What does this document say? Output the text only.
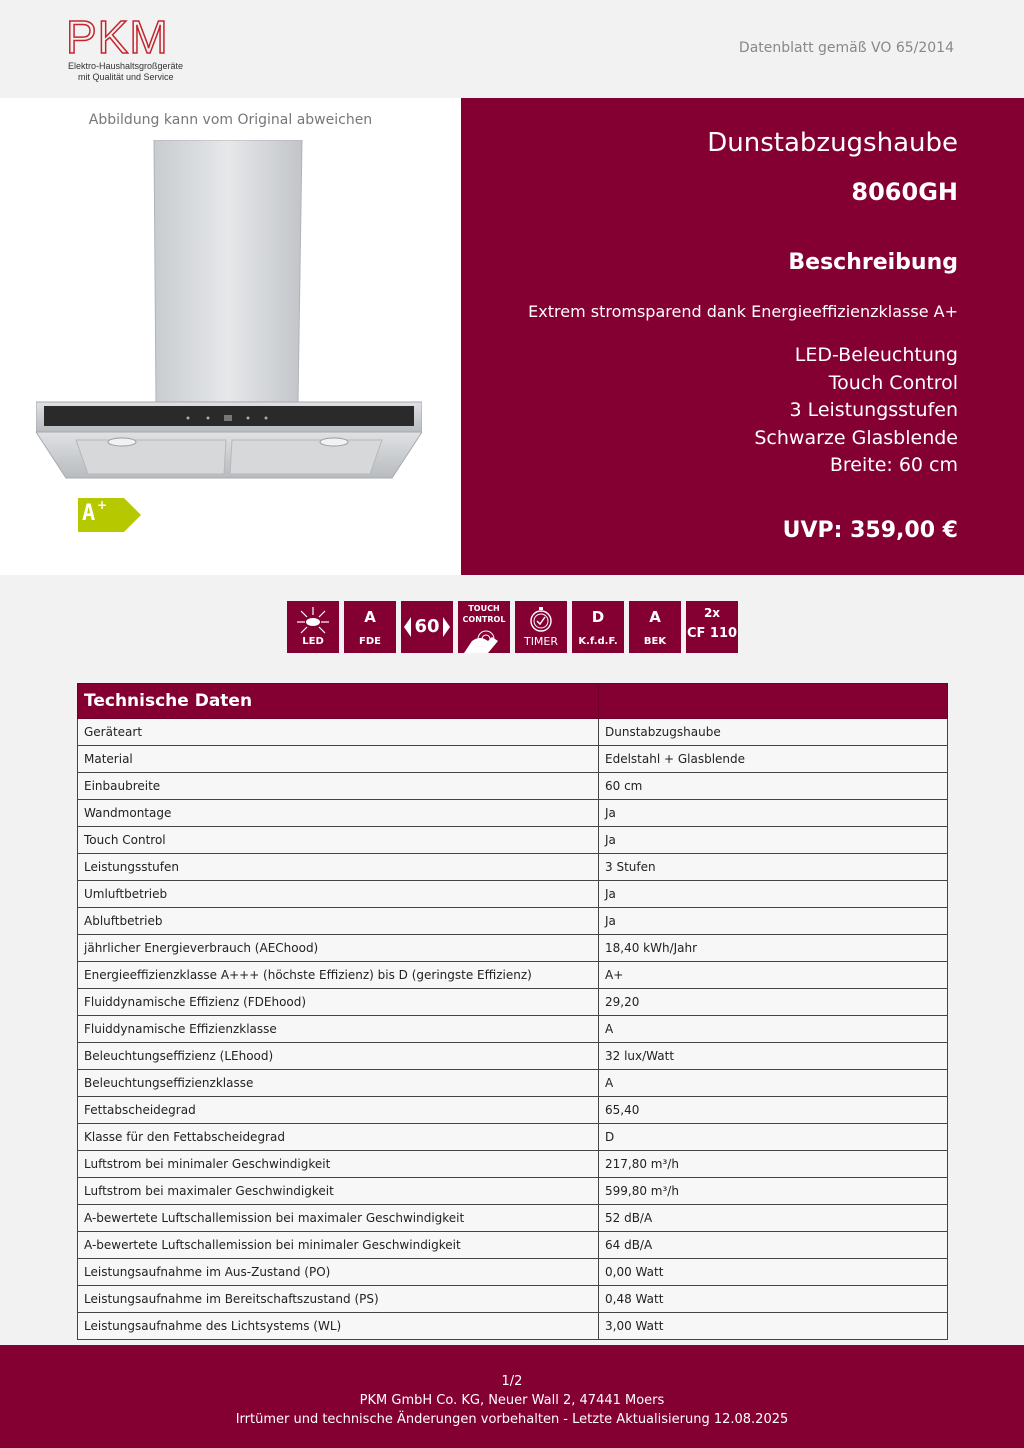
PKM
Elektro-Haushaltsgroßgeräte
mit Qualität und Service
Datenblatt gemäß VO 65/2014
Abbildung kann vom Original abweichen
A +
Dunstabzugshaube
8060GH
Beschreibung
Extrem stromsparend dank Energieeffizienzklasse A+
LED-Beleuchtung
Touch Control
3 Leistungsstufen
Schwarze Glasblende
Breite: 60 cm
UVP: 359,00 €
LED
A
FDE
60
TOUCH
CONTROL
TIMER
D
K.f.d.F.
A
BEK
2x
CF 110
Technische Daten	
Geräteart	Dunstabzugshaube
Material	Edelstahl + Glasblende
Einbaubreite	60 cm
Wandmontage	Ja
Touch Control	Ja
Leistungsstufen	3 Stufen
Umluftbetrieb	Ja
Abluftbetrieb	Ja
jährlicher Energieverbrauch (AEChood)	18,40 kWh/Jahr
Energieeffizienzklasse A+++ (höchste Effizienz) bis D (geringste Effizienz)	A+
Fluiddynamische Effizienz (FDEhood)	29,20
Fluiddynamische Effizienzklasse	A
Beleuchtungseffizienz (LEhood)	32 lux/Watt
Beleuchtungseffizienzklasse	A
Fettabscheidegrad	65,40
Klasse für den Fettabscheidegrad	D
Luftstrom bei minimaler Geschwindigkeit	217,80 m³/h
Luftstrom bei maximaler Geschwindigkeit	599,80 m³/h
A-bewertete Luftschallemission bei maximaler Geschwindigkeit	52 dB/A
A-bewertete Luftschallemission bei minimaler Geschwindigkeit	64 dB/A
Leistungsaufnahme im Aus-Zustand (PO)	0,00 Watt
Leistungsaufnahme im Bereitschaftszustand (PS)	0,48 Watt
Leistungsaufnahme des Lichtsystems (WL)	3,00 Watt
1/2
PKM GmbH Co. KG, Neuer Wall 2, 47441 Moers
Irrtümer und technische Änderungen vorbehalten - Letzte Aktualisierung 12.08.2025
